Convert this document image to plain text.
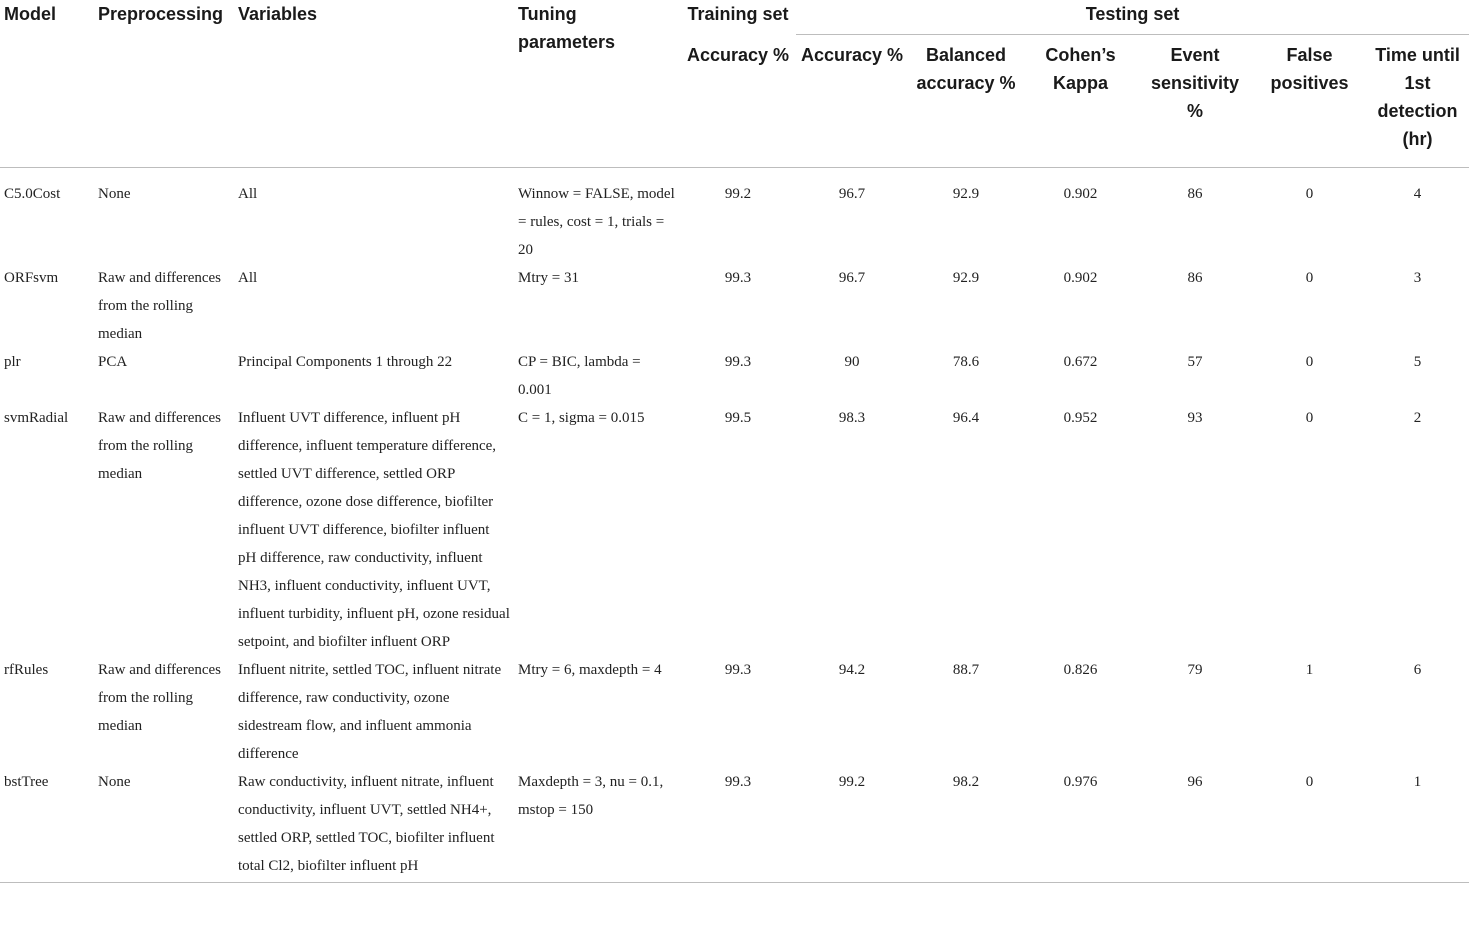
Model	Preprocessing	Variables	Tuning parameters	Training set	Testing set					
				Accuracy %	Accuracy %	Balanced accuracy %	Cohen’s Kappa	Event sensitivity %	False positives	Time until 1st detection (hr)
C5.0Cost	None	All	Winnow = FALSE, model = rules, cost = 1, trials = 20	99.2	96.7	92.9	0.902	86	0	4
ORFsvm	Raw and differences from the rolling median	All	Mtry = 31	99.3	96.7	92.9	0.902	86	0	3
plr	PCA	Principal Components 1 through 22	CP = BIC, lambda = 0.001	99.3	90	78.6	0.672	57	0	5
svmRadial	Raw and differences from the rolling median	Influent UVT difference, influent pH difference, influent temperature difference, settled UVT difference, settled ORP difference, ozone dose difference, biofilter influent UVT difference, biofilter influent pH difference, raw conductivity, influent NH3, influent conductivity, influent UVT, influent turbidity, influent pH, ozone residual setpoint, and biofilter influent ORP	C = 1, sigma = 0.015	99.5	98.3	96.4	0.952	93	0	2
rfRules	Raw and differences from the rolling median	Influent nitrite, settled TOC, influent nitrate difference, raw conductivity, ozone sidestream flow, and influent ammonia difference	Mtry = 6, maxdepth = 4	99.3	94.2	88.7	0.826	79	1	6
bstTree	None	Raw conductivity, influent nitrate, influent conductivity, influent UVT, settled NH4+, settled ORP, settled TOC, biofilter influent total Cl2, biofilter influent pH	Maxdepth = 3, nu = 0.1, mstop = 150	99.3	99.2	98.2	0.976	96	0	1
